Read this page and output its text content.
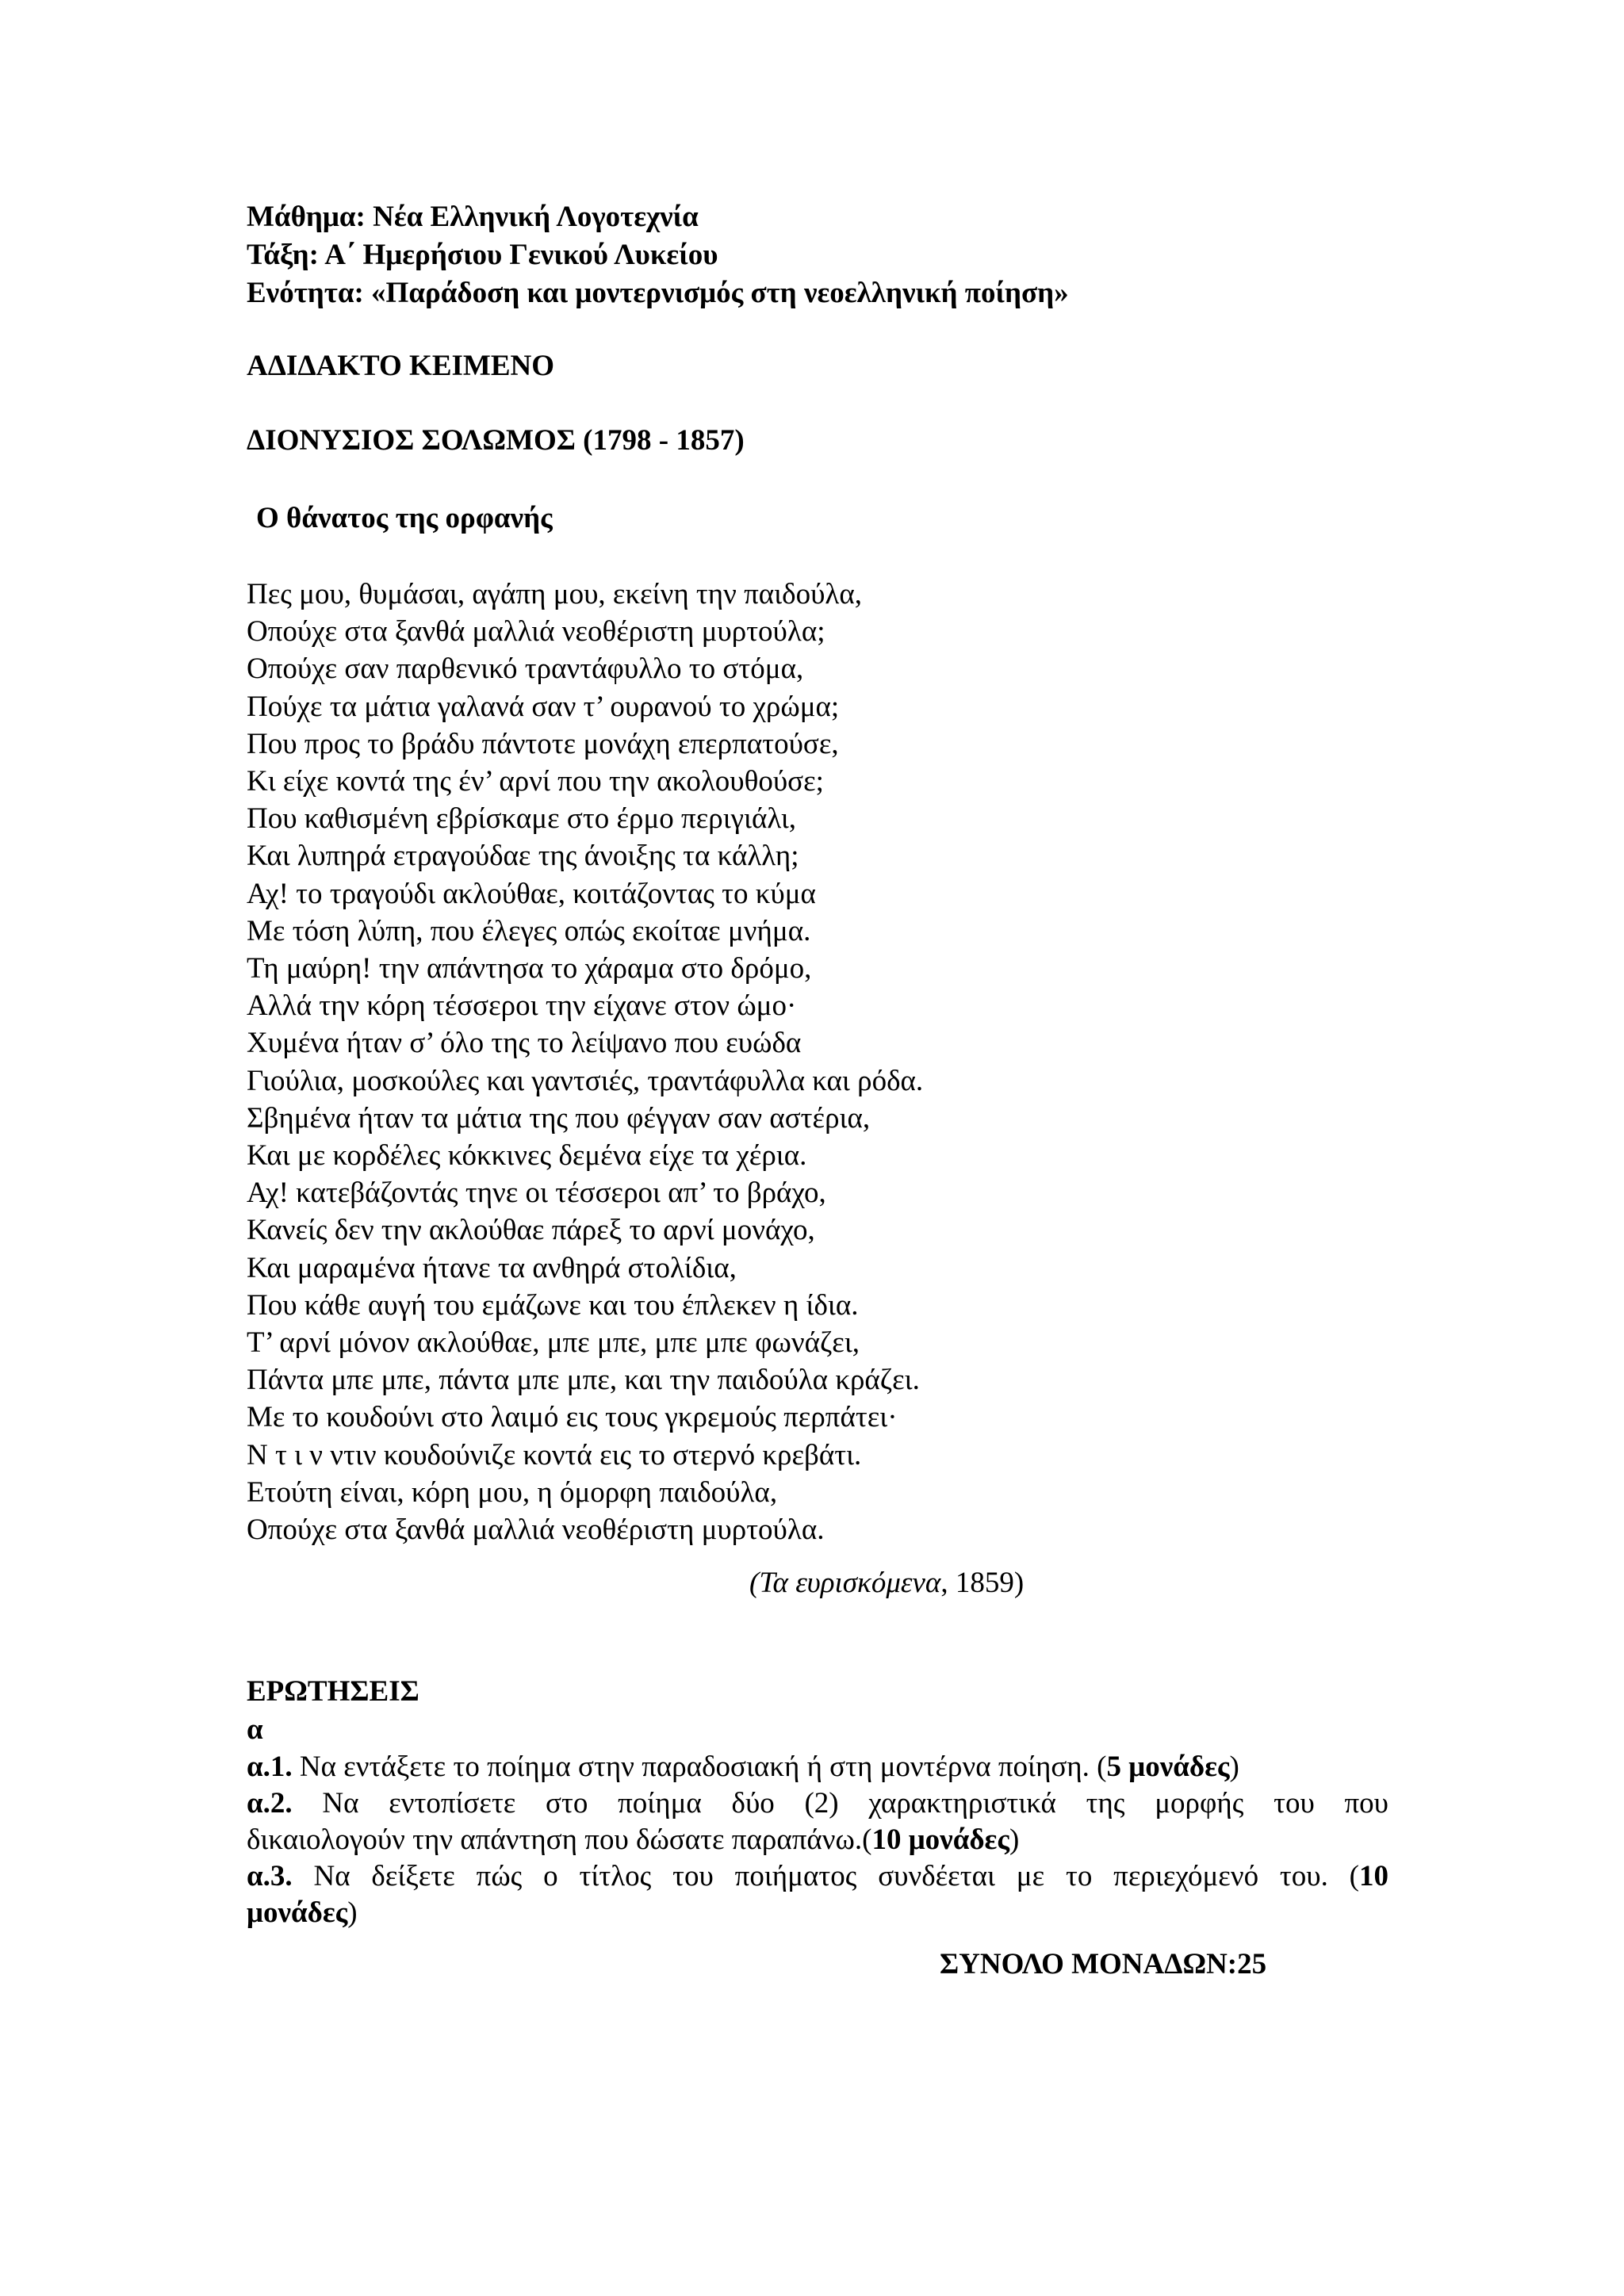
Μάθημα: Νέα Ελληνική Λογοτεχνία
Τάξη: Α΄ Ημερήσιου Γενικού Λυκείου
Ενότητα: «Παράδοση και μοντερνισμός στη νεοελληνική ποίηση»
ΑΔΙΔΑΚΤΟ ΚΕΙΜΕΝΟ
ΔΙΟΝΥΣΙΟΣ ΣΟΛΩΜΟΣ (1798 - 1857)
Ο θάνατος της ορφανής
Πες μου, θυμάσαι, αγάπη μου, εκείνη την παιδούλα,
Οπούχε στα ξανθά μαλλιά νεοθέριστη μυρτούλα;
Οπούχε σαν παρθενικό τραντάφυλλο το στόμα,
Πούχε τα μάτια γαλανά σαν τ’ ουρανού το χρώμα;
Που προς το βράδυ πάντοτε μονάχη επερπατούσε,
Κι είχε κοντά της έν’ αρνί που την ακολουθούσε;
Που καθισμένη εβρίσκαμε στο έρμο περιγιάλι,
Και λυπηρά ετραγούδαε της άνοιξης τα κάλλη;
Αχ! το τραγούδι ακλούθαε, κοιτάζοντας το κύμα
Με τόση λύπη, που έλεγες οπώς εκοίταε μνήμα.
Τη μαύρη! την απάντησα το χάραμα στο δρόμο,
Αλλά την κόρη τέσσεροι την είχανε στον ώμο·
Χυμένα ήταν σ’ όλο της το λείψανο που ευώδα
Γιούλια, μοσκούλες και γαντσιές, τραντάφυλλα και ρόδα.
Σβημένα ήταν τα μάτια της που φέγγαν σαν αστέρια,
Και με κορδέλες κόκκινες δεμένα είχε τα χέρια.
Αχ! κατεβάζοντάς τηνε οι τέσσεροι απ’ το βράχο,
Κανείς δεν την ακλούθαε πάρεξ το αρνί μονάχο,
Και μαραμένα ήτανε τα ανθηρά στολίδια,
Που κάθε αυγή του εμάζωνε και του έπλεκεν η ίδια.
Τ’ αρνί μόνον ακλούθαε, μπε μπε, μπε μπε φωνάζει,
Πάντα μπε μπε, πάντα μπε μπε, και την παιδούλα κράζει.
Με το κουδούνι στο λαιμό εις τους γκρεμούς περπάτει·
Ν τ ι ν ντιν κουδούνιζε κοντά εις το στερνό κρεβάτι.
Ετούτη είναι, κόρη μου, η όμορφη παιδούλα,
Οπούχε στα ξανθά μαλλιά νεοθέριστη μυρτούλα.
(Τα ευρισκόμενα, 1859)
ΕΡΩΤΗΣΕΙΣ
α
α.1. Να εντάξετε το ποίημα στην παραδοσιακή ή στη μοντέρνα ποίηση. (5 μονάδες)
α.2. Να εντοπίσετε στο ποίημα δύο (2) χαρακτηριστικά της μορφής του που
δικαιολογούν την απάντηση που δώσατε παραπάνω.(10 μονάδες)
α.3. Να δείξετε πώς ο τίτλος του ποιήματος συνδέεται με το περιεχόμενό του. (10
μονάδες)
ΣΥΝΟΛΟ ΜΟΝΑΔΩΝ:25
